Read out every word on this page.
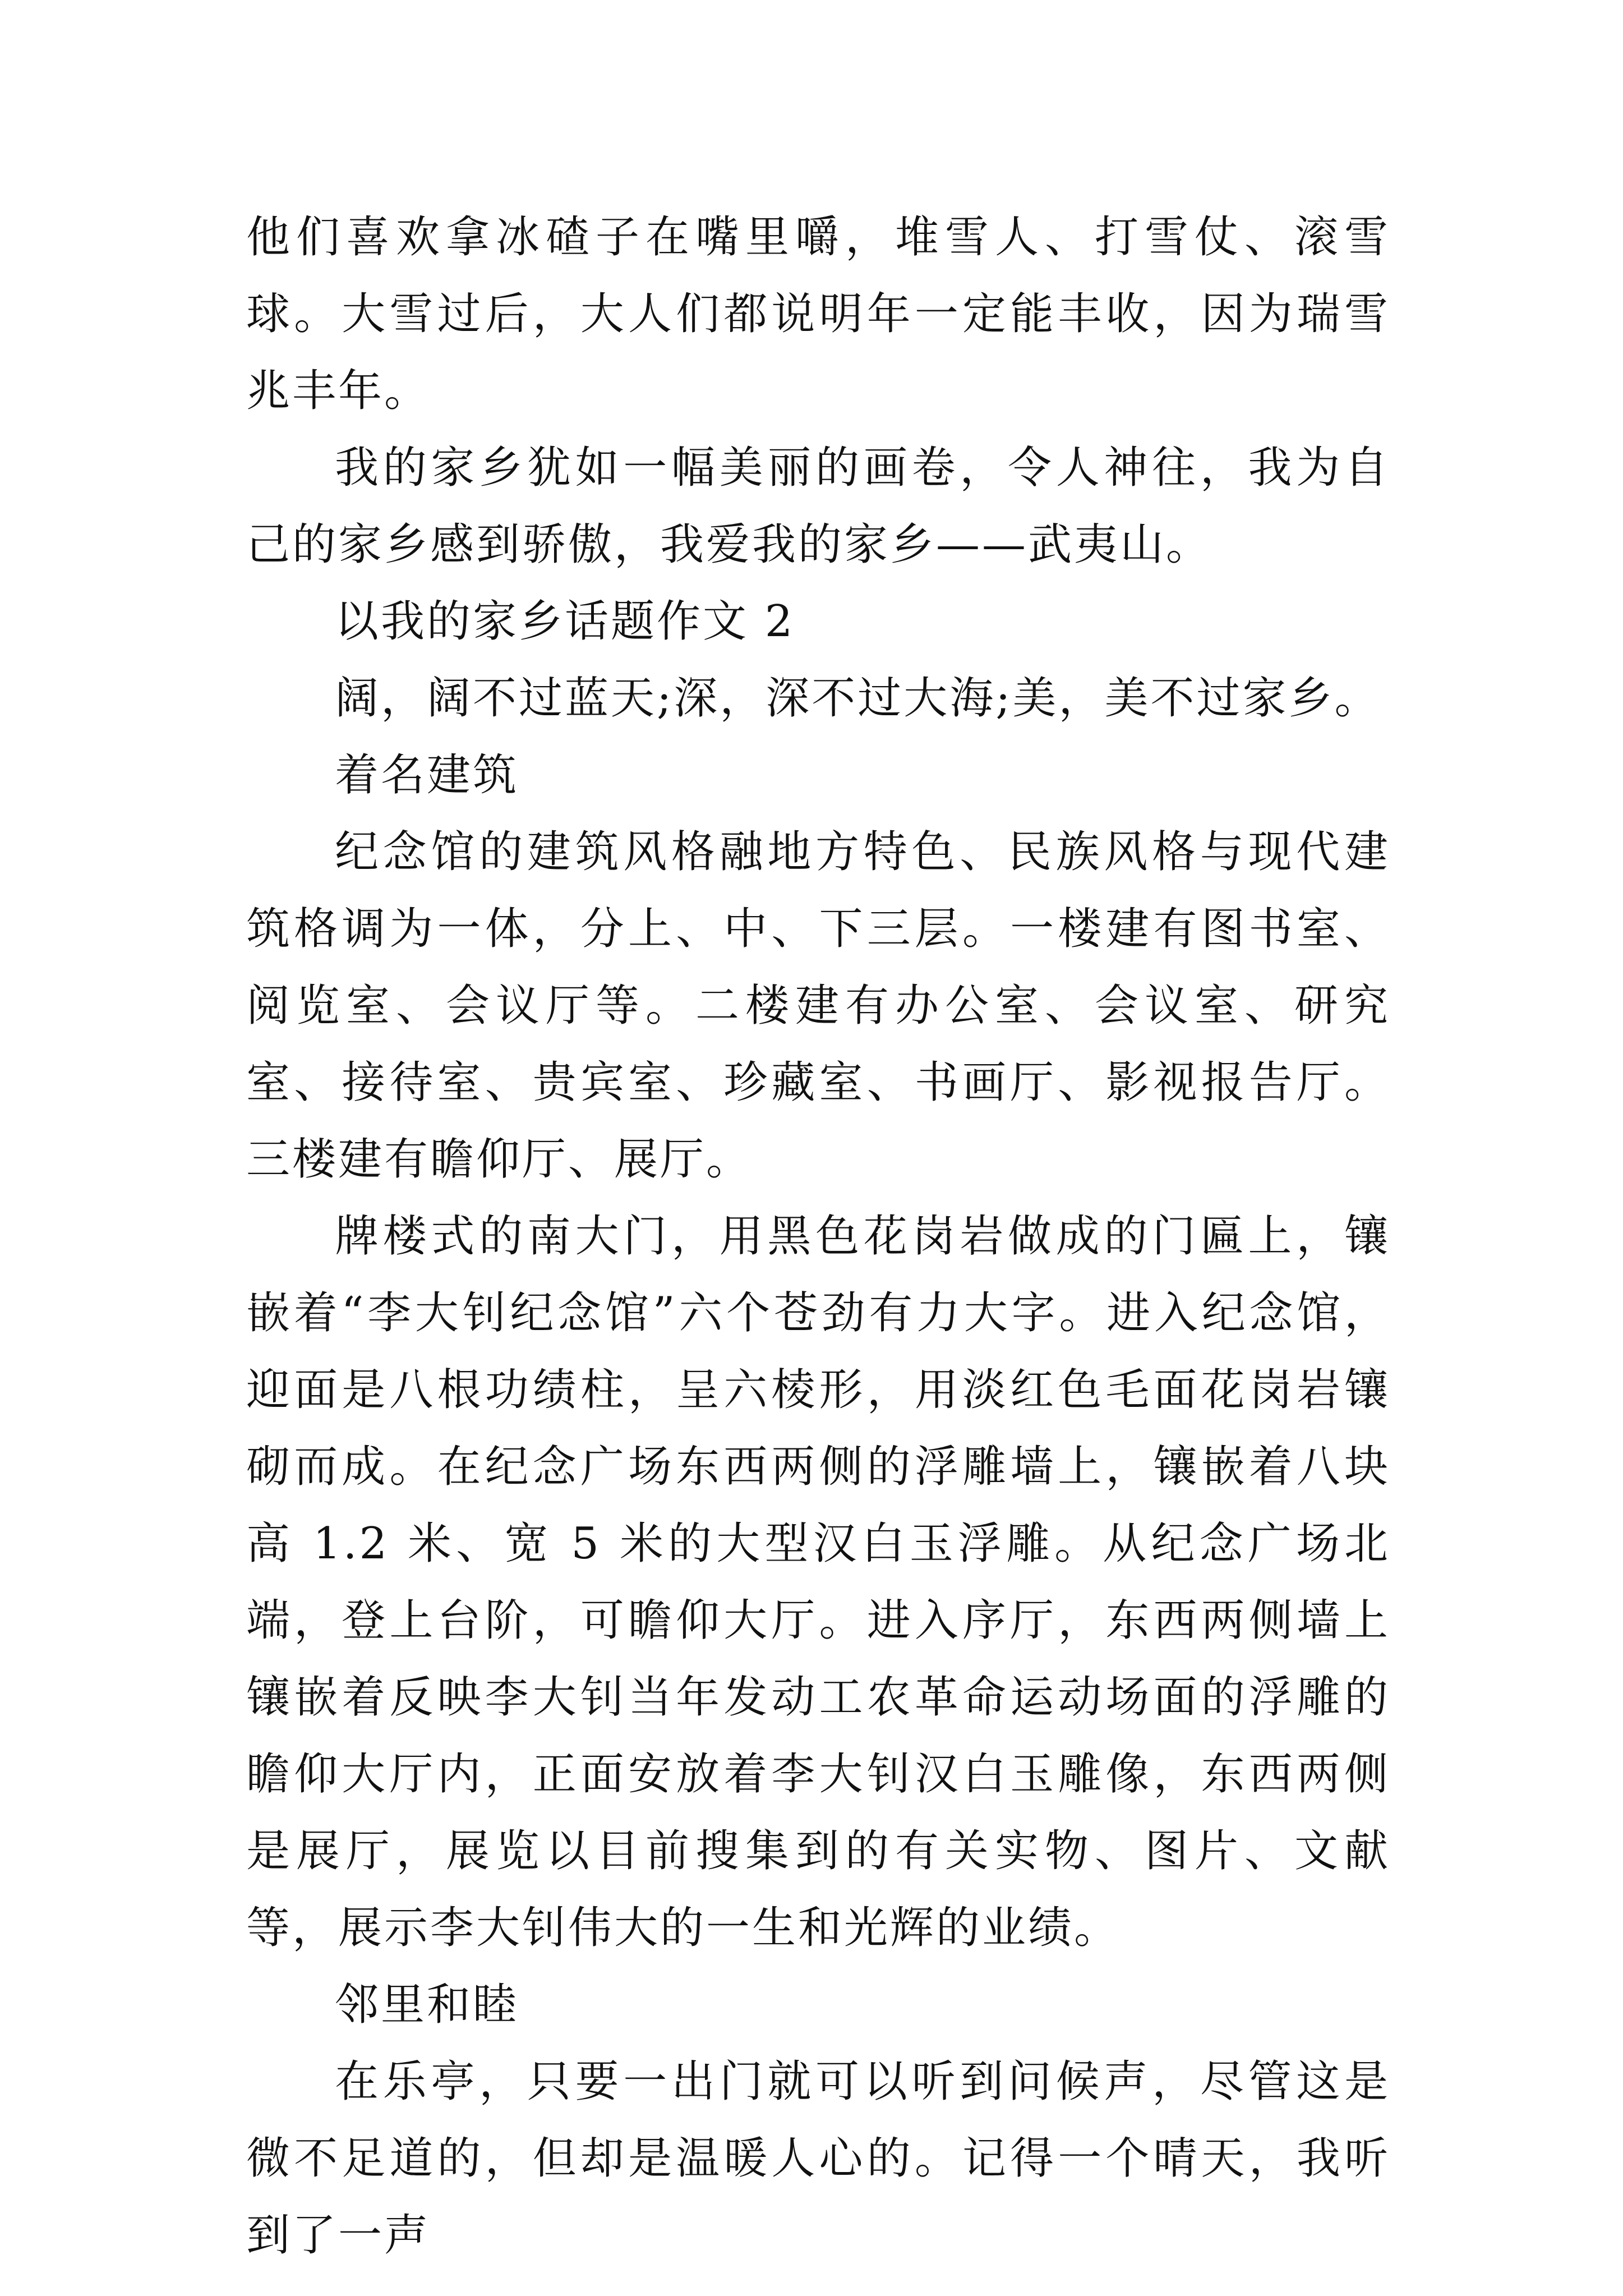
他们喜欢拿冰碴子在嘴里嚼，堆雪人、打雪仗、滚雪球。大雪过后，大人们都说明年一定能丰收，因为瑞雪兆丰年。

我的家乡犹如一幅美丽的画卷，令人神往，我为自己的家乡感到骄傲，我爱我的家乡——武夷山。

以我的家乡话题作文 2

阔，阔不过蓝天;深，深不过大海;美，美不过家乡。

着名建筑

纪念馆的建筑风格融地方特色、民族风格与现代建筑格调为一体，分上、中、下三层。一楼建有图书室、阅览室、会议厅等。二楼建有办公室、会议室、研究室、接待室、贵宾室、珍藏室、书画厅、影视报告厅。三楼建有瞻仰厅、展厅。

牌楼式的南大门，用黑色花岗岩做成的门匾上，镶嵌着“李大钊纪念馆”六个苍劲有力大字。进入纪念馆，迎面是八根功绩柱，呈六棱形，用淡红色毛面花岗岩镶砌而成。在纪念广场东西两侧的浮雕墙上，镶嵌着八块高 1.2 米、宽 5 米的大型汉白玉浮雕。从纪念广场北端，登上台阶，可瞻仰大厅。进入序厅，东西两侧墙上镶嵌着反映李大钊当年发动工农革命运动场面的浮雕的瞻仰大厅内，正面安放着李大钊汉白玉雕像，东西两侧是展厅，展览以目前搜集到的有关实物、图片、文献等，展示李大钊伟大的一生和光辉的业绩。

邻里和睦

在乐亭，只要一出门就可以听到问候声，尽管这是微不足道的，但却是温暖人心的。记得一个晴天，我听到了一声
